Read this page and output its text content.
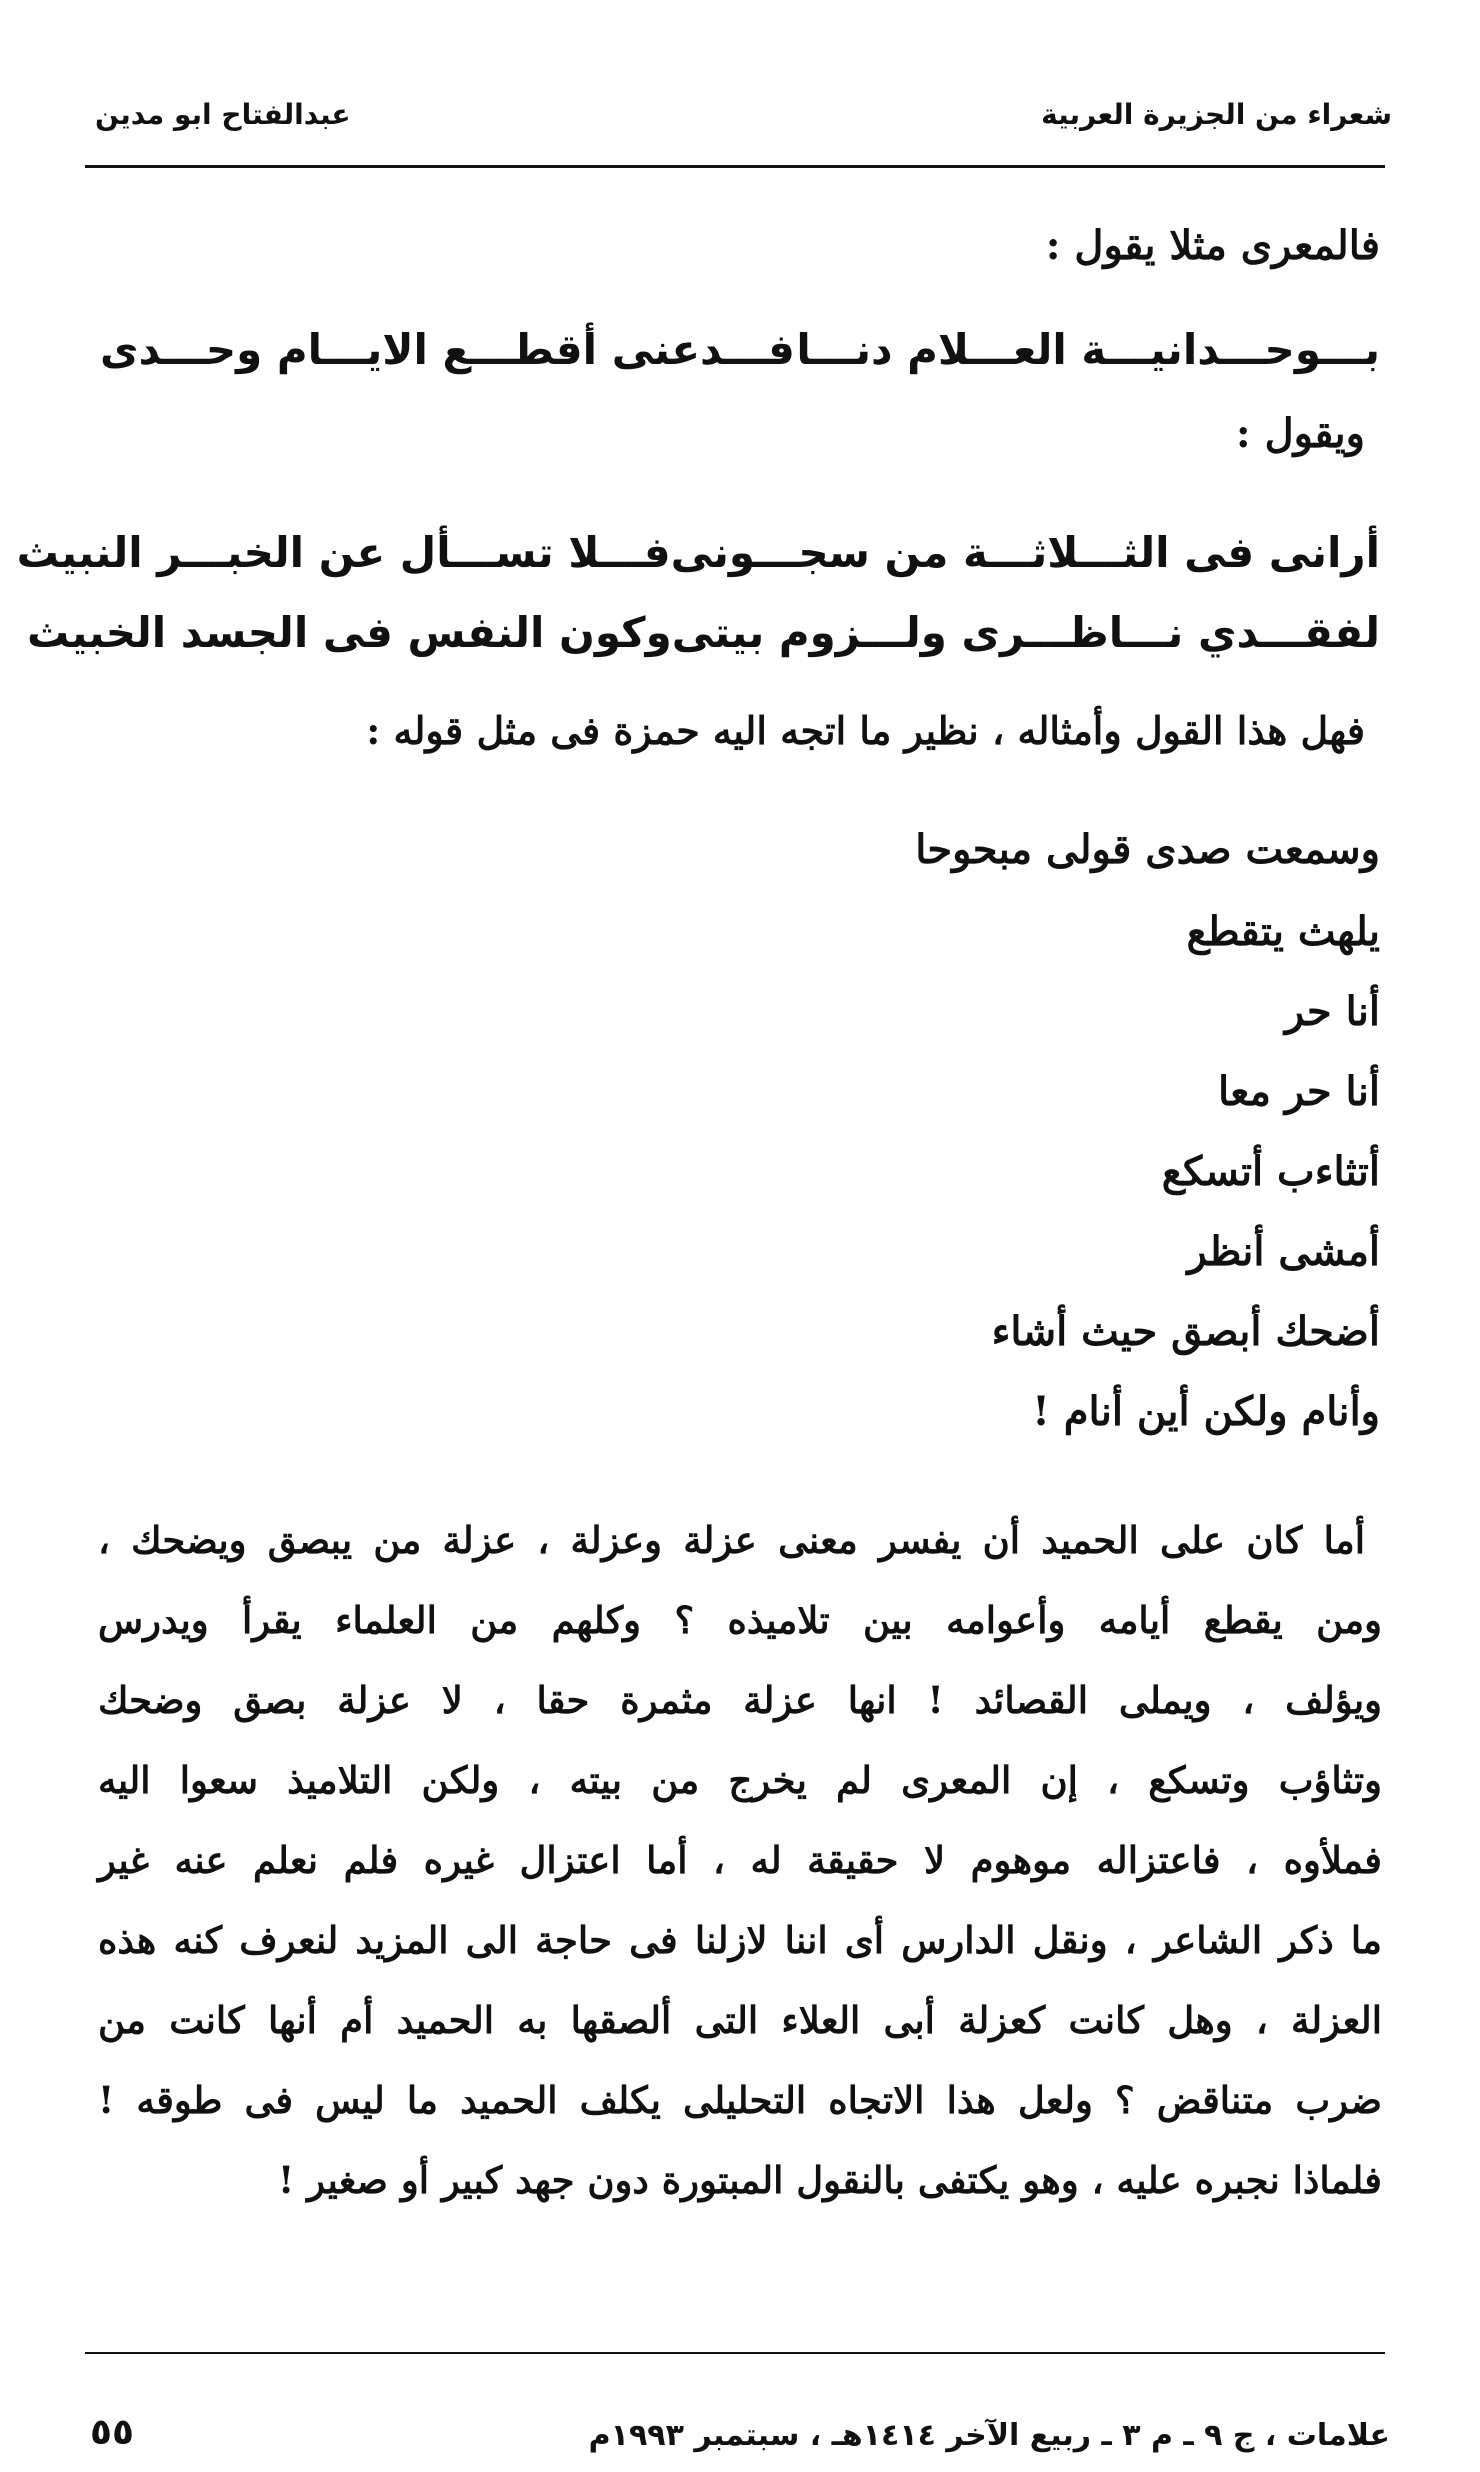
شعراء من الجزيرة العربية
عبدالفتاح ابو مدين
فالمعرى مثلا يقول :
بـــوحـــدانيـــة العـــلام دنـــا
فـــدعنى أقطـــع الايـــام وحـــدى
ويقول :
أرانى فى الثـــلاثـــة من سجـــونى
فـــلا تســـأل عن الخبـــر النبيث
لفقـــدي نـــاظـــرى ولـــزوم بيتى
وكون النفس فى الجسد الخبيث
فهل هذا القول وأمثاله ، نظير ما اتجه اليه حمزة فى مثل قوله :
وسمعت صدى قولى مبحوحا
يلهث يتقطع
أنا حر
أنا حر معا
أتثاءب أتسكع
أمشى أنظر
أضحك أبصق حيث أشاء
وأنام ولكن أين أنام !
أما كان على الحميد أن يفسر معنى عزلة وعزلة ، عزلة من يبصق ويضحك ،
ومن يقطع أيامه وأعوامه بين تلاميذه ؟ وكلهم من العلماء يقرأ ويدرس
ويؤلف ، ويملى القصائد ! انها عزلة مثمرة حقا ، لا عزلة بصق وضحك
وتثاؤب وتسكع ، إن المعرى لم يخرج من بيته ، ولكن التلاميذ سعوا اليه
فملأوه ، فاعتزاله موهوم لا حقيقة له ، أما اعتزال غيره فلم نعلم عنه غير
ما ذكر الشاعر ، ونقل الدارس أى اننا لازلنا فى حاجة الى المزيد لنعرف كنه هذه
العزلة ، وهل كانت كعزلة أبى العلاء التى ألصقها به الحميد أم أنها كانت من
ضرب متناقض ؟ ولعل هذا الاتجاه التحليلى يكلف الحميد ما ليس فى طوقه !
فلماذا نجبره عليه ، وهو يكتفى بالنقول المبتورة دون جهد كبير أو صغير !
علامات ، ج ٩ ـ م ٣ ـ ربيع الآخر ١٤١٤هـ ، سبتمبر ١٩٩٣م
٥٥
